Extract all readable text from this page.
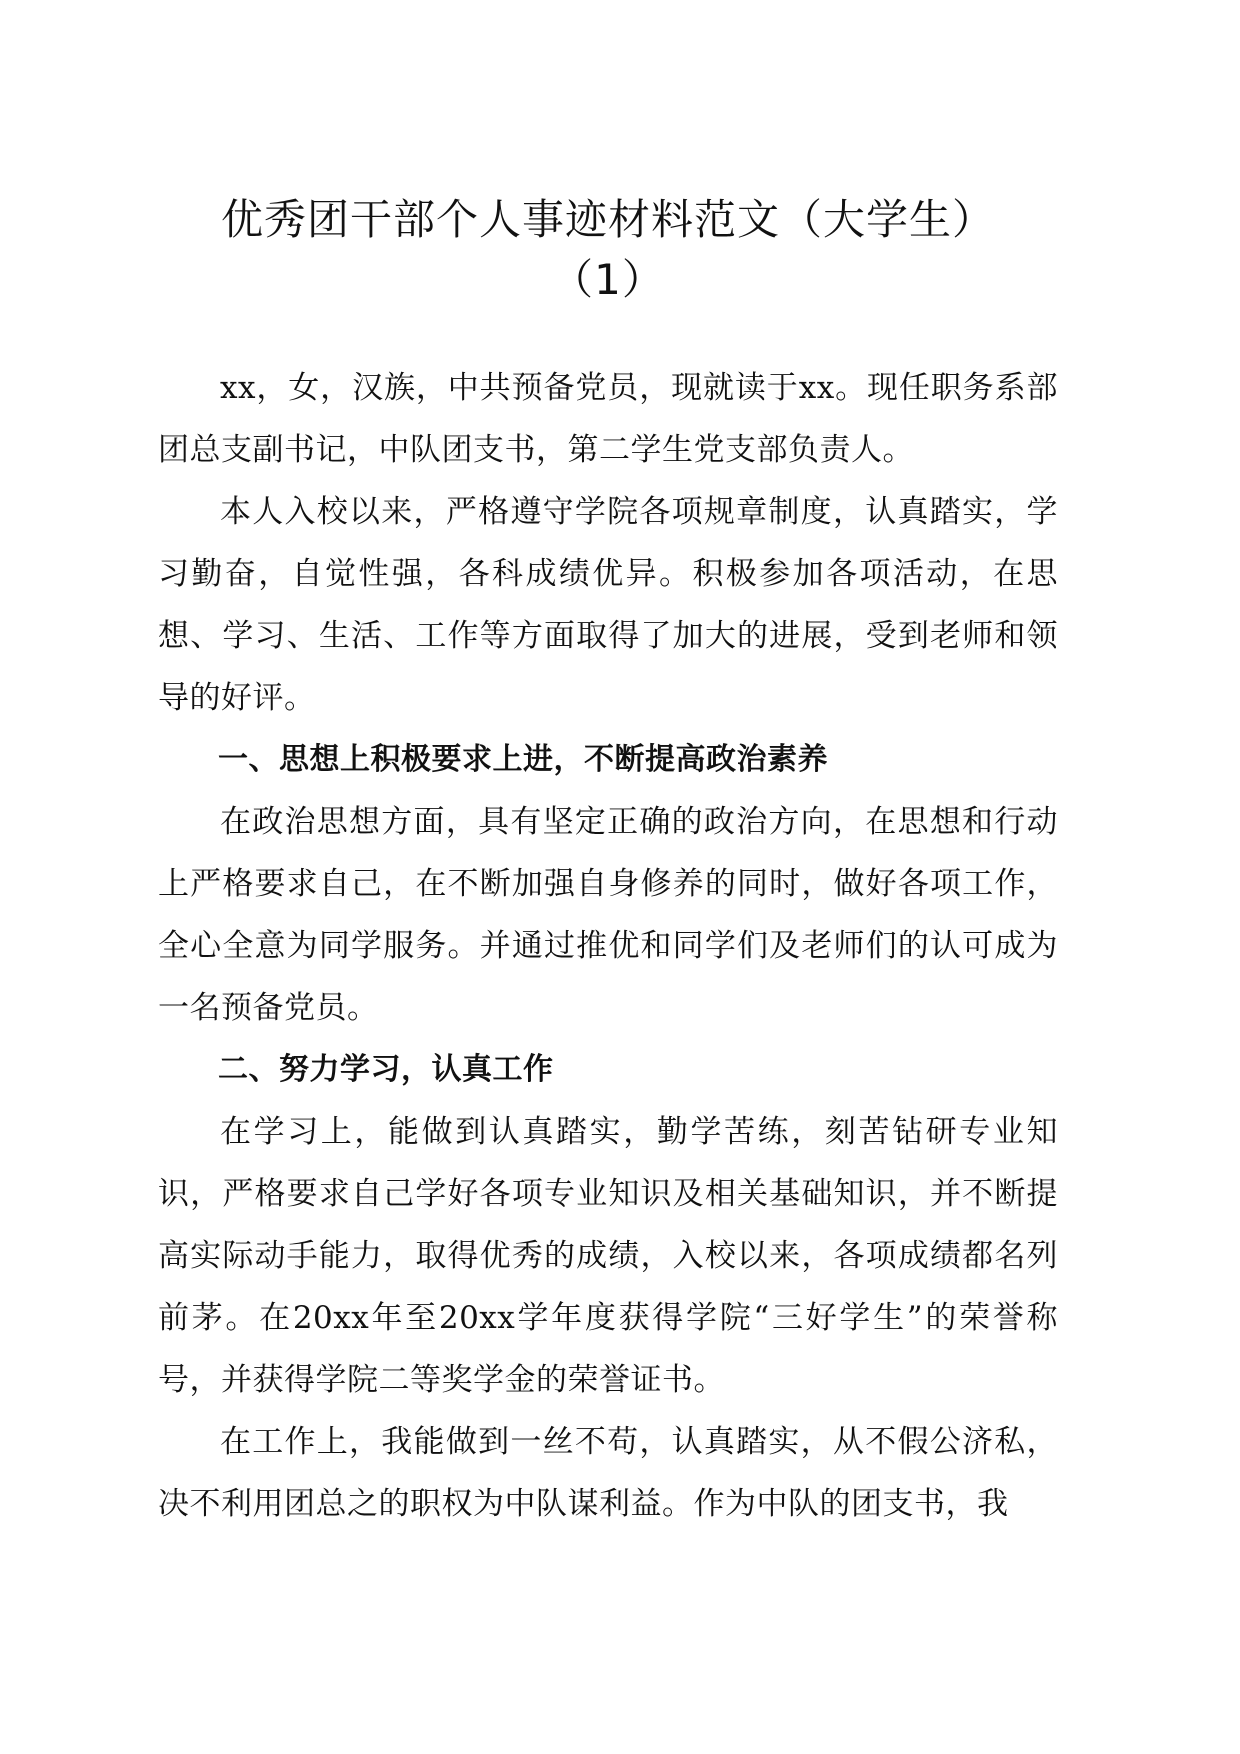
优秀团干部个人事迹材料范文（大学生）
（1）

xx，女，汉族，中共预备党员，现就读于xx。现任职务系部团总支副书记，中队团支书，第二学生党支部负责人。

本人入校以来，严格遵守学院各项规章制度，认真踏实，学习勤奋，自觉性强，各科成绩优异。积极参加各项活动，在思想、学习、生活、工作等方面取得了加大的进展，受到老师和领导的好评。

一、思想上积极要求上进，不断提高政治素养

在政治思想方面，具有坚定正确的政治方向，在思想和行动上严格要求自己，在不断加强自身修养的同时，做好各项工作，全心全意为同学服务。并通过推优和同学们及老师们的认可成为一名预备党员。

二、努力学习，认真工作

在学习上，能做到认真踏实，勤学苦练，刻苦钻研专业知识，严格要求自己学好各项专业知识及相关基础知识，并不断提高实际动手能力，取得优秀的成绩，入校以来，各项成绩都名列前茅。在20xx年至20xx学年度获得学院“三好学生”的荣誉称号，并获得学院二等奖学金的荣誉证书。

在工作上，我能做到一丝不苟，认真踏实，从不假公济私，决不利用团总之的职权为中队谋利益。作为中队的团支书，我
